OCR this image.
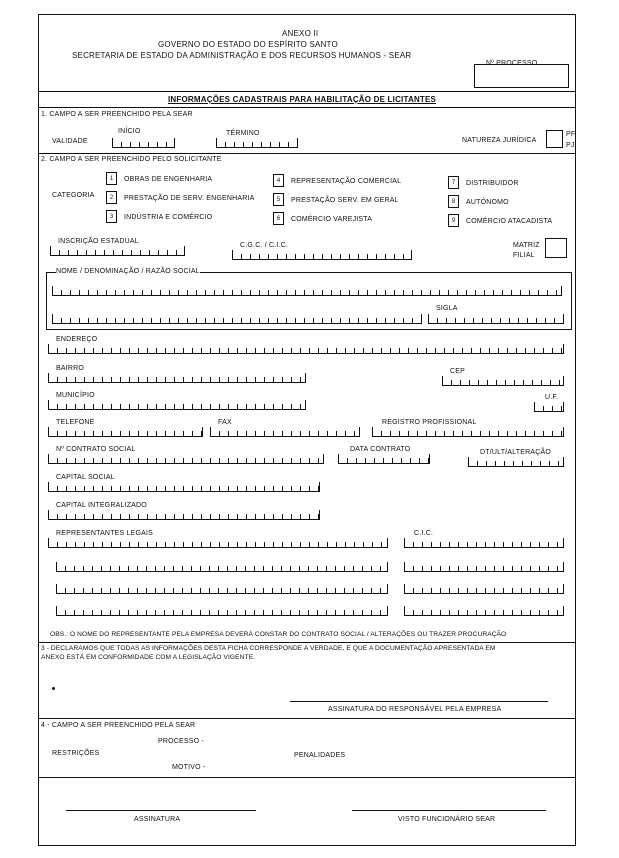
ANEXO II
GOVERNO DO ESTADO DO ESPÍRITO SANTO
SECRETARIA DE ESTADO DA ADMINISTRAÇÃO E DOS RECURSOS HUMANOS - SEAR
Nº PROCESSO
INFORMAÇÕES CADASTRAIS PARA HABILITAÇÃO DE LICITANTES
1. CAMPO A SER PREENCHIDO PELA SEAR
VALIDADE
INÍCIO	TÉRMINO
NATUREZA JURÍDICA
PF
PJ
2. CAMPO A SER PREENCHIDO PELO SOLICITANTE
CATEGORIA
1	OBRAS DE ENGENHARIA
2	PRESTAÇÃO DE SERV. ENGENHARIA
3	INDÚSTRIA E COMÉRCIO
4	REPRESENTAÇÃO COMERCIAL
5	PRESTAÇÃO SERV. EM GERAL
6	COMÉRCIO VAREJISTA
7	DISTRIBUIDOR
8	AUTÔNOMO
9	COMÉRCIO ATACADISTA
INSCRIÇÃO ESTADUAL
C.G.C. / C.I.C.	MATRIZ
FILIAL
NOME / DENOMINAÇÃO / RAZÃO SOCIAL
SIGLA
ENDEREÇO
BAIRRO	CEP
MUNICÍPIO	U.F.
TELEFONE	FAX	REGISTRO PROFISSIONAL
Nº CONTRATO SOCIAL	DATA CONTRATO	DT/ULT/ALTERAÇÃO
CAPITAL SOCIAL
CAPITAL INTEGRALIZADO
REPRESENTANTES LEGAIS	C.I.C.
OBS.: O NOME DO REPRESENTANTE PELA EMPRESA DEVERÁ CONSTAR DO CONTRATO SOCIAL / ALTERAÇÕES OU TRAZER PROCURAÇÃO
3 - DECLARAMOS QUE TODAS AS INFORMAÇÕES DESTA FICHA CORRESPONDE A VERDADE, E QUE A DOCUMENTAÇÃO APRESENTADA EM
ANEXO ESTÁ EM CONFORMIDADE COM A LEGISLAÇÃO VIGENTE.
ASSINATURA DO RESPONSÁVEL PELA EMPRESA
4 - CAMPO A SER PREENCHIDO PELA SEAR
PROCESSO -
RESTRIÇÕES	PENALIDADES
MOTIVO -
ASSINATURA	VISTO FUNCIONÁRIO SEAR
